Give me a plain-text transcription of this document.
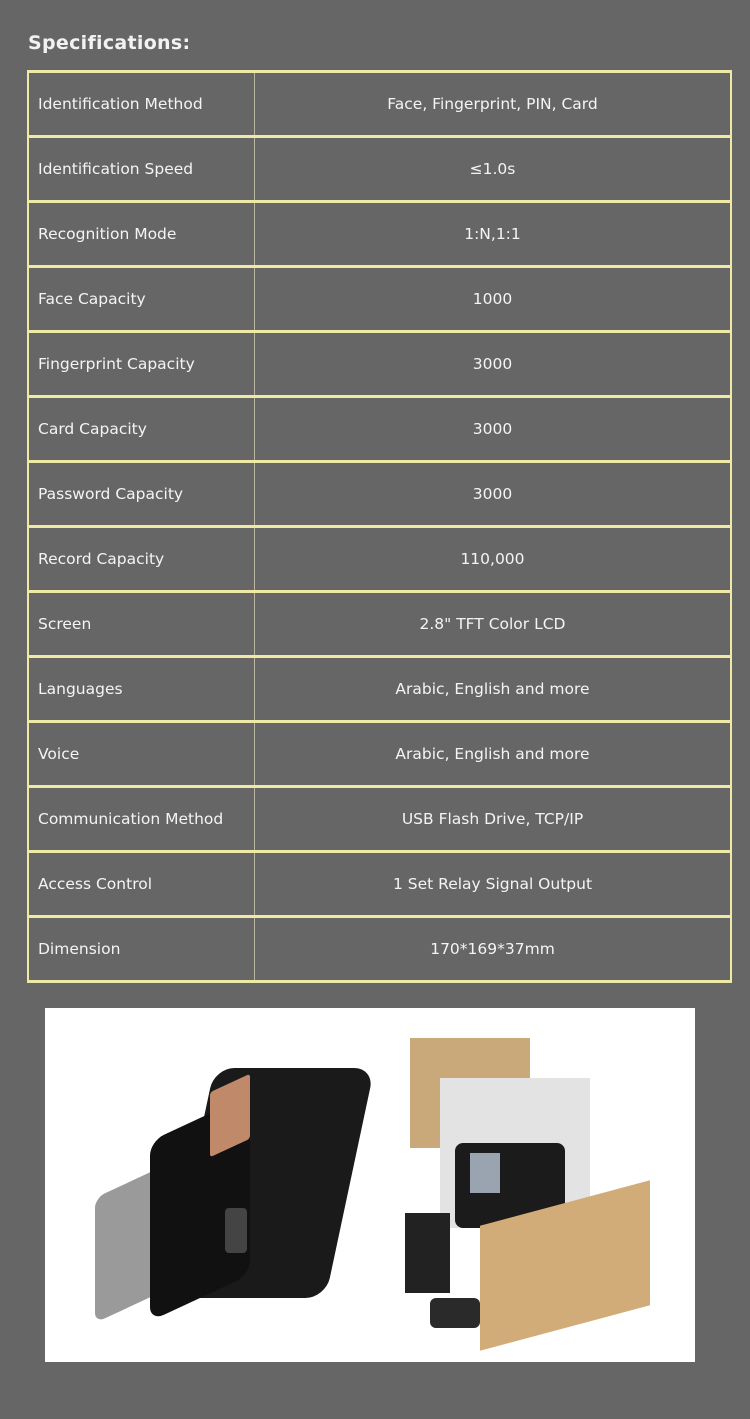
Specifications:
Identification Method	Face, Fingerprint, PIN, Card
Identification Speed	≤1.0s
Recognition Mode	1:N,1:1
Face Capacity	1000
Fingerprint Capacity	3000
Card Capacity	3000
Password Capacity	3000
Record Capacity	110,000
Screen	2.8" TFT Color LCD
Languages	Arabic, English and more
Voice	Arabic, English and more
Communication Method	USB Flash Drive, TCP/IP
Access Control	1 Set Relay Signal Output
Dimension	170*169*37mm
